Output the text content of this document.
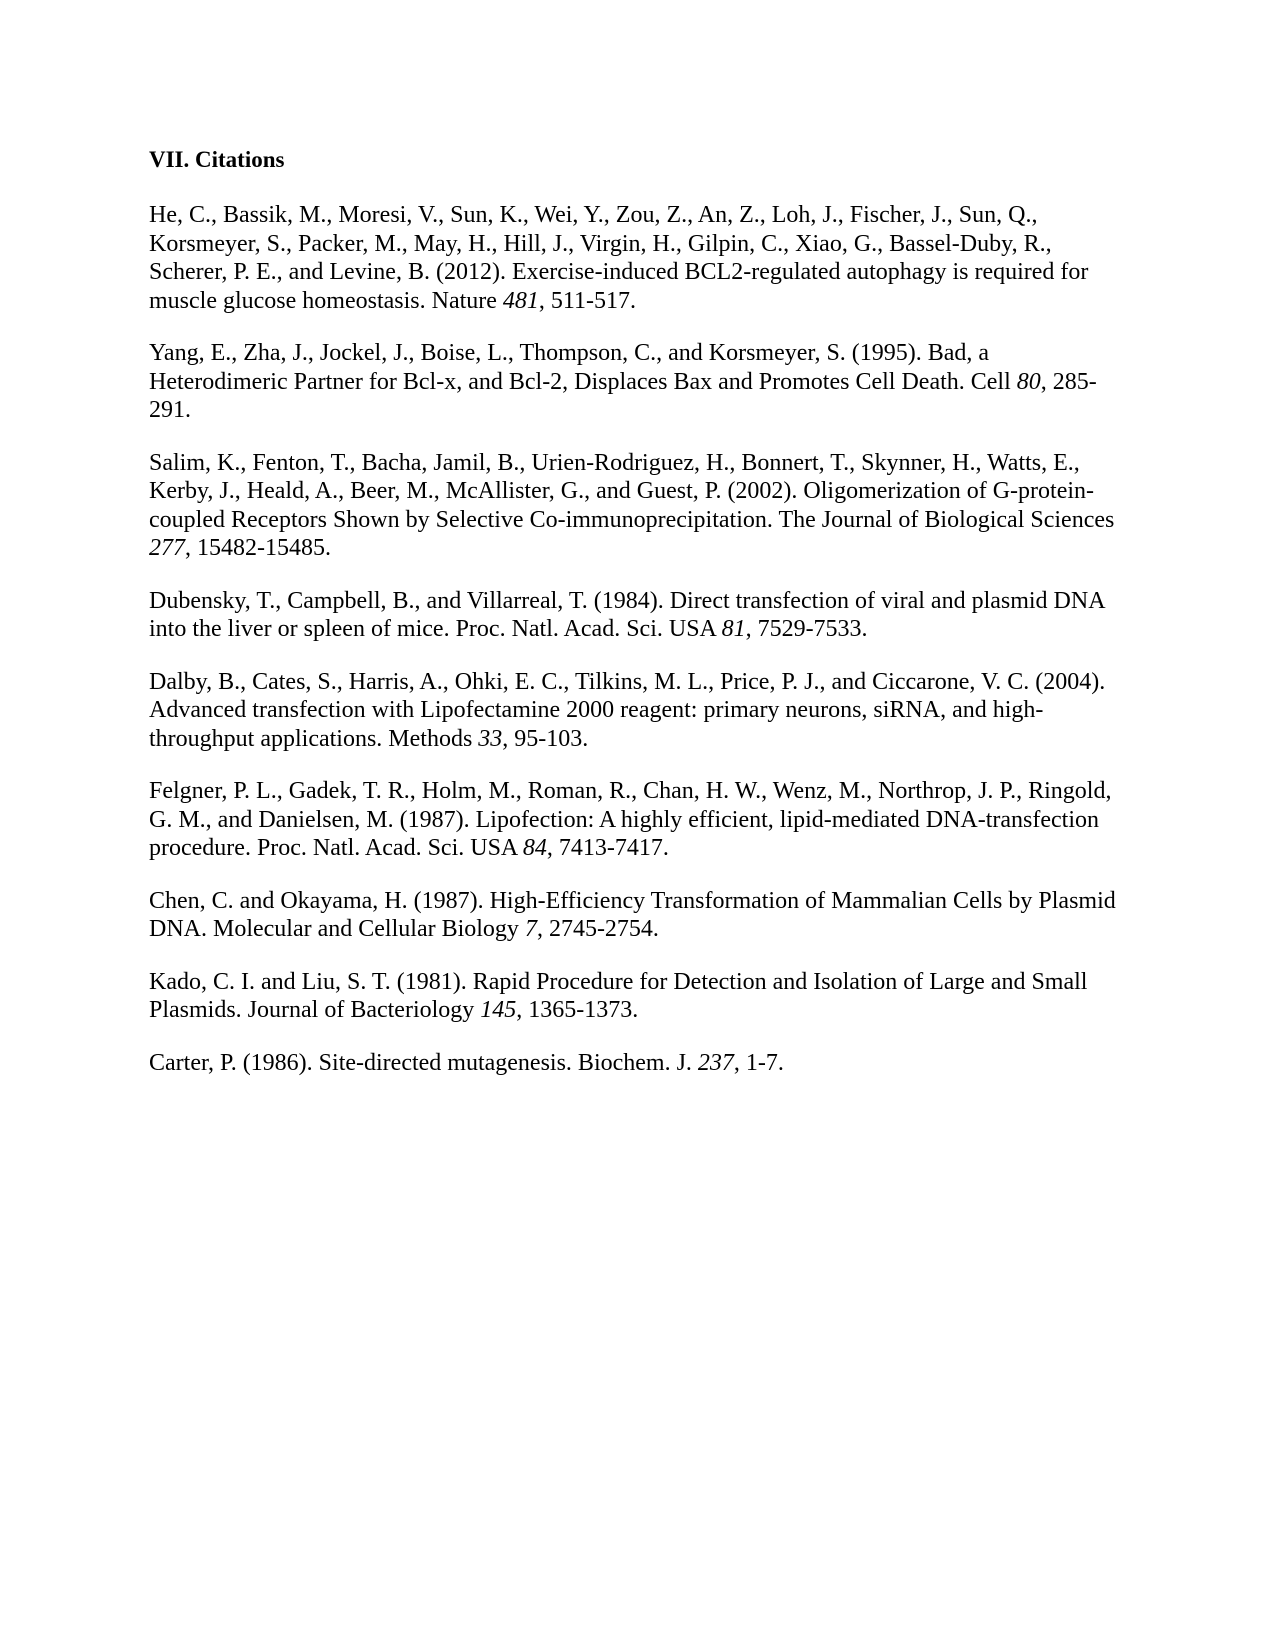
VII. Citations
He, C., Bassik, M., Moresi, V., Sun, K., Wei, Y., Zou, Z., An, Z., Loh, J., Fischer, J., Sun, Q., Korsmeyer, S., Packer, M., May, H., Hill, J., Virgin, H., Gilpin, C., Xiao, G., Bassel-Duby, R., Scherer, P. E., and Levine, B. (2012). Exercise-induced BCL2-regulated autophagy is required for muscle glucose homeostasis. Nature 481, 511-517.
Yang, E., Zha, J., Jockel, J., Boise, L., Thompson, C., and Korsmeyer, S. (1995). Bad, a Heterodimeric Partner for Bcl-x, and Bcl-2, Displaces Bax and Promotes Cell Death. Cell 80, 285-291.
Salim, K., Fenton, T., Bacha, Jamil, B., Urien-Rodriguez, H., Bonnert, T., Skynner, H., Watts, E., Kerby, J., Heald, A., Beer, M., McAllister, G., and Guest, P. (2002). Oligomerization of G-protein-coupled Receptors Shown by Selective Co-immunoprecipitation. The Journal of Biological Sciences 277, 15482-15485.
Dubensky, T., Campbell, B., and Villarreal, T. (1984). Direct transfection of viral and plasmid DNA into the liver or spleen of mice. Proc. Natl. Acad. Sci. USA 81, 7529-7533.
Dalby, B., Cates, S., Harris, A., Ohki, E. C., Tilkins, M. L., Price, P. J., and Ciccarone, V. C. (2004). Advanced transfection with Lipofectamine 2000 reagent: primary neurons, siRNA, and high-throughput applications. Methods 33, 95-103.
Felgner, P. L., Gadek, T. R., Holm, M., Roman, R., Chan, H. W., Wenz, M., Northrop, J. P., Ringold, G. M., and Danielsen, M. (1987). Lipofection: A highly efficient, lipid-mediated DNA-transfection procedure. Proc. Natl. Acad. Sci. USA 84, 7413-7417.
Chen, C. and Okayama, H. (1987). High-Efficiency Transformation of Mammalian Cells by Plasmid DNA. Molecular and Cellular Biology 7, 2745-2754.
Kado, C. I. and Liu, S. T. (1981). Rapid Procedure for Detection and Isolation of Large and Small Plasmids. Journal of Bacteriology 145, 1365-1373.
Carter, P. (1986). Site-directed mutagenesis. Biochem. J. 237, 1-7.
